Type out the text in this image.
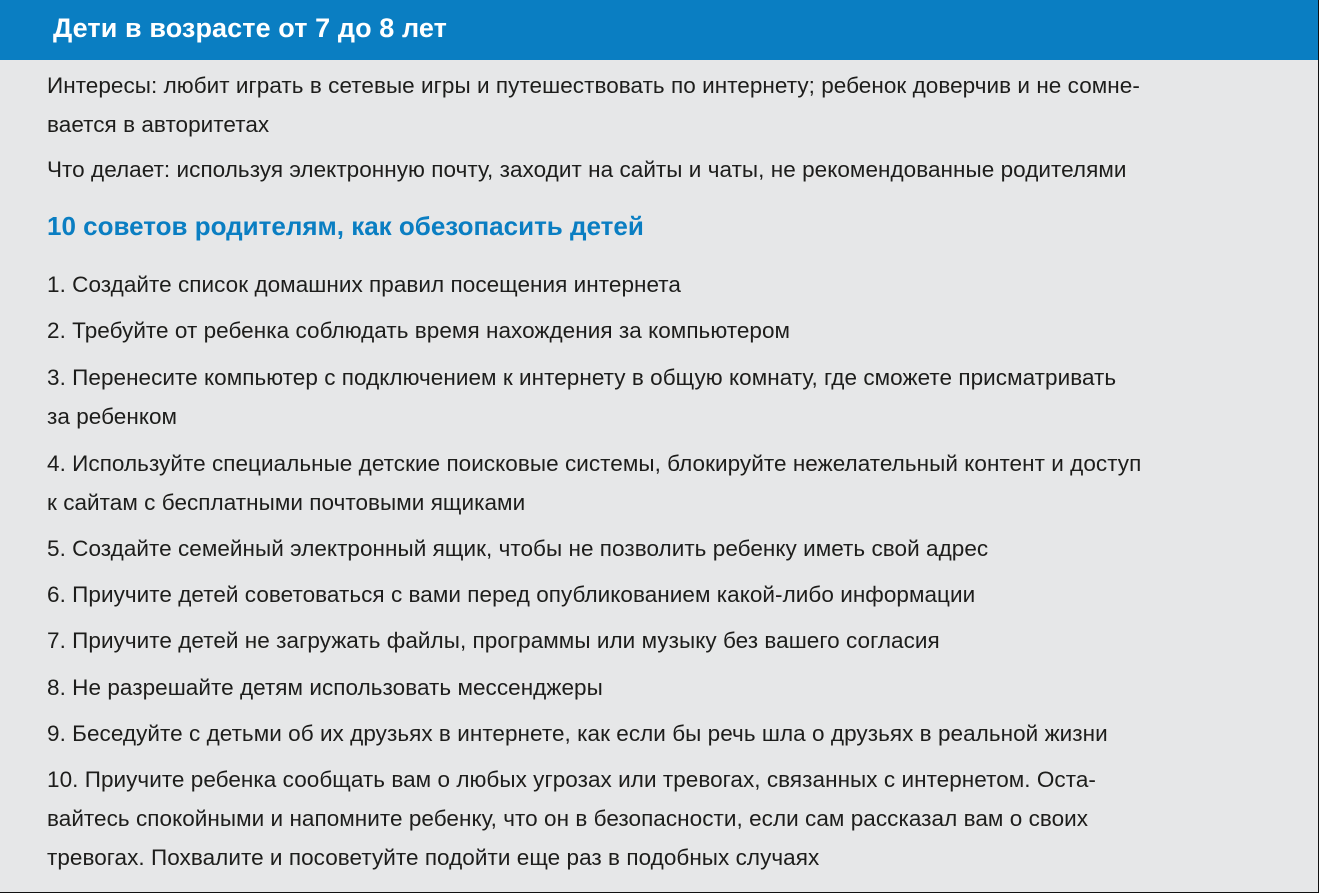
Дети в возрасте от 7 до 8 лет
Интересы: любит играть в сетевые игры и путешествовать по интернету; ребенок доверчив и не сомне-
вается в авторитетах
Что делает: используя электронную почту, заходит на сайты и чаты, не рекомендованные родителями
10 советов родителям, как обезопасить детей
1. Создайте список домашних правил посещения интернета
2. Требуйте от ребенка соблюдать время нахождения за компьютером
3. Перенесите компьютер с подключением к интернету в общую комнату, где сможете присматривать
за ребенком
4. Используйте специальные детские поисковые системы, блокируйте нежелательный контент и доступ
к сайтам с бесплатными почтовыми ящиками
5. Создайте семейный электронный ящик, чтобы не позволить ребенку иметь свой адрес
6. Приучите детей советоваться с вами перед опубликованием какой-либо информации
7. Приучите детей не загружать файлы, программы или музыку без вашего согласия
8. Не разрешайте детям использовать мессенджеры
9. Беседуйте с детьми об их друзьях в интернете, как если бы речь шла о друзьях в реальной жизни
10. Приучите ребенка сообщать вам о любых угрозах или тревогах, связанных с интернетом. Оста-
вайтесь спокойными и напомните ребенку, что он в безопасности, если сам рассказал вам о своих
тревогах. Похвалите и посоветуйте подойти еще раз в подобных случаях
